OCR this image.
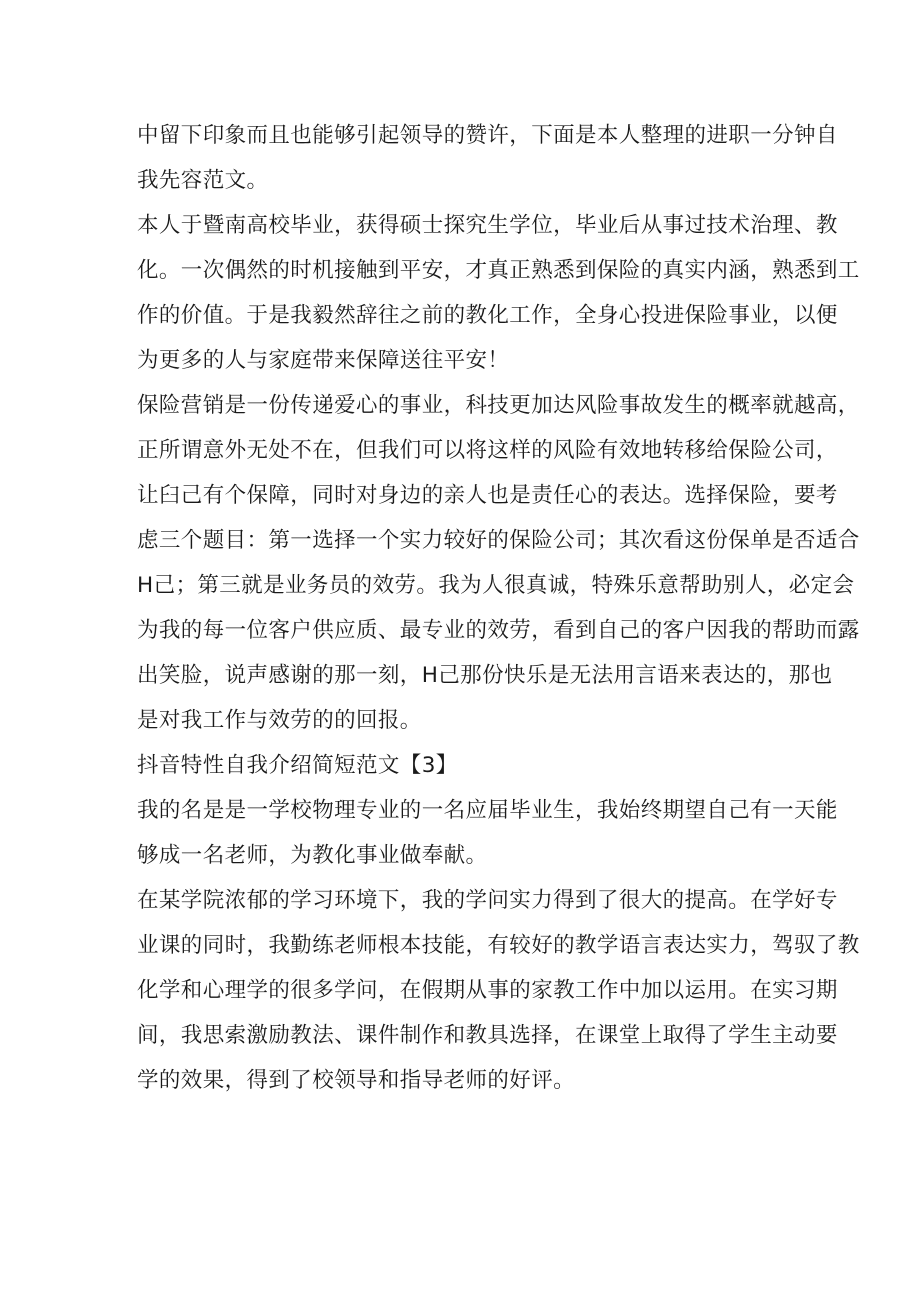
中留下印象而且也能够引起领导的赞许，下面是本人整理的进职一分钟自
我先容范文。
本人于暨南高校毕业，获得硕士探究生学位，毕业后从事过技术治理、教
化。一次偶然的时机接触到平安，才真正熟悉到保险的真实内涵，熟悉到工
作的价值。于是我毅然辞往之前的教化工作，全身心投进保险事业，以便
为更多的人与家庭带来保障送往平安！
保险营销是一份传递爱心的事业，科技更加达风险事故发生的概率就越高，
正所谓意外无处不在，但我们可以将这样的风险有效地转移给保险公司，
让臼己有个保障，同时对身边的亲人也是责任心的表达。选择保险，要考
虑三个题目：第一选择一个实力较好的保险公司；其次看这份保单是否适合
H己；第三就是业务员的效劳。我为人很真诚，特殊乐意帮助别人，必定会
为我的每一位客户供应质、最专业的效劳，看到自己的客户因我的帮助而露
出笑脸，说声感谢的那一刻，H己那份快乐是无法用言语来表达的，那也
是对我工作与效劳的的回报。
抖音特性自我介绍简短范文【3】
我的名是是一学校物理专业的一名应届毕业生，我始终期望自己有一天能
够成一名老师，为教化事业做奉献。
在某学院浓郁的学习环境下，我的学问实力得到了很大的提高。在学好专
业课的同时，我勤练老师根本技能，有较好的教学语言表达实力，驾驭了教
化学和心理学的很多学问，在假期从事的家教工作中加以运用。在实习期
间，我思索激励教法、课件制作和教具选择，在课堂上取得了学生主动要
学的效果，得到了校领导和指导老师的好评。
